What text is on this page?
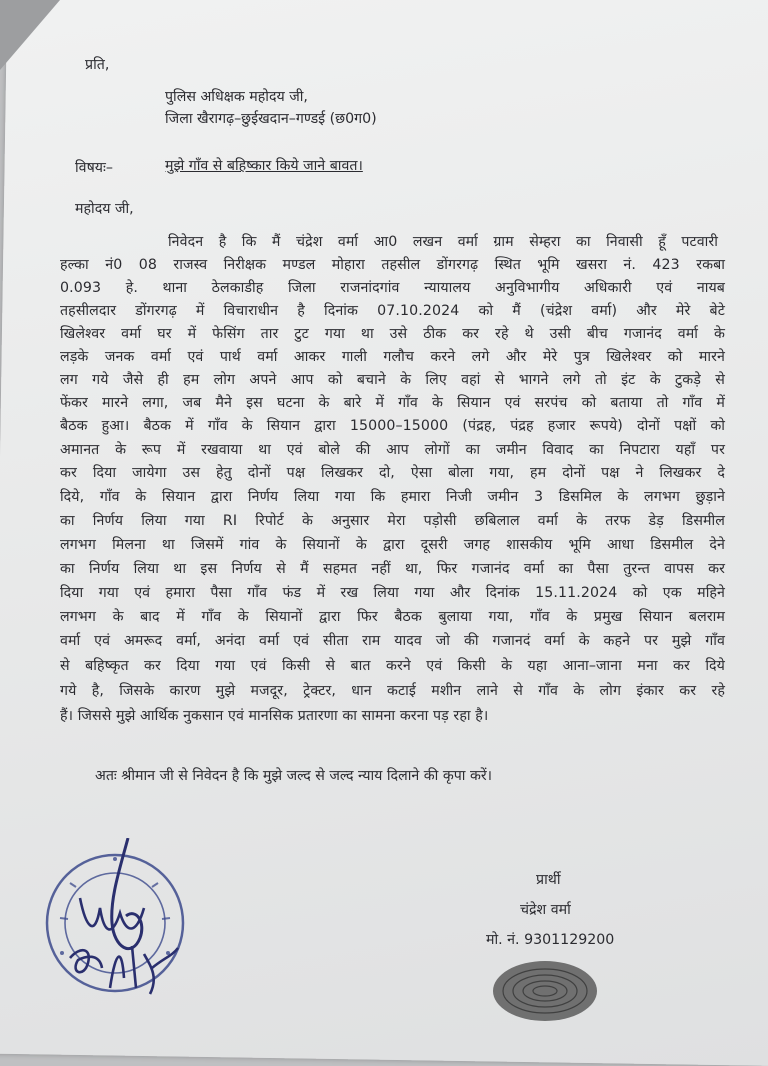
प्रति,
पुलिस अधिक्षक महोदय जी,
जिला खैरागढ़–छुईखदान–गण्डई (छ0ग0)
विषयः–	मुझे गाँव से बहिष्कार किये जाने बावत।
महोदय जी,
निवेदन है कि मैं चंद्रेश वर्मा आ0 लखन वर्मा ग्राम सेम्हरा का निवासी हूँ पटवारी
हल्का नं0 08 राजस्व निरीक्षक मण्डल मोहारा तहसील डोंगरगढ़ स्थित भूमि खसरा नं. 423 रकबा
0.093 हे. थाना ठेलकाडीह जिला राजनांदगांव न्यायालय अनुविभागीय अधिकारी एवं नायब
तहसीलदार डोंगरगढ़ में विचाराधीन है दिनांक 07.10.2024 को मैं (चंद्रेश वर्मा) और मेरे बेटे
खिलेश्वर वर्मा घर में फेसिंग तार टुट गया था उसे ठीक कर रहे थे उसी बीच गजानंद वर्मा के
लड़के जनक वर्मा एवं पार्थ वर्मा आकर गाली गलौच करने लगे और मेरे पुत्र खिलेश्वर को मारने
लग गये जैसे ही हम लोग अपने आप को बचाने के लिए वहां से भागने लगे तो इंट के टुकड़े से
फेंकर मारने लगा, जब मैने इस घटना के बारे में गाँव के सियान एवं सरपंच को बताया तो गाँव में
बैठक हुआ। बैठक में गाँव के सियान द्वारा 15000–15000 (पंद्रह, पंद्रह हजार रूपये) दोनों पक्षों को
अमानत के रूप में रखवाया था एवं बोले की आप लोगों का जमीन विवाद का निपटारा यहाँ पर
कर दिया जायेगा उस हेतु दोनों पक्ष लिखकर दो, ऐसा बोला गया, हम दोनों पक्ष ने लिखकर दे
दिये, गाँव के सियान द्वारा निर्णय लिया गया कि हमारा निजी जमीन 3 डिसमिल के लगभग छुड़ाने
का निर्णय लिया गया RI रिपोर्ट के अनुसार मेरा पड़ोसी छबिलाल वर्मा के तरफ डेड़ डिसमील
लगभग मिलना था जिसमें गांव के सियानों के द्वारा दूसरी जगह शासकीय भूमि आधा डिसमील देने
का निर्णय लिया था इस निर्णय से मैं सहमत नहीं था, फिर गजानंद वर्मा का पैसा तुरन्त वापस कर
दिया गया एवं हमारा पैसा गाँव फंड में रख लिया गया और दिनांक 15.11.2024 को एक महिने
लगभग के बाद में गाँव के सियानों द्वारा फिर बैठक बुलाया गया, गाँव के प्रमुख सियान बलराम
वर्मा एवं अमरूद वर्मा, अनंदा वर्मा एवं सीता राम यादव जो की गजानदं वर्मा के कहने पर मुझे गाँव
से बहिष्कृत कर दिया गया एवं किसी से बात करने एवं किसी के यहा आना–जाना मना कर दिये
गये है, जिसके कारण मुझे मजदूर, ट्रेक्टर, धान कटाई मशीन लाने से गाँव के लोग इंकार कर रहे
हैं। जिससे मुझे आर्थिक नुकसान एवं मानसिक प्रतारणा का सामना करना पड़ रहा है।
अतः श्रीमान जी से निवेदन है कि मुझे जल्द से जल्द न्याय दिलाने की कृपा करें।
प्रार्थी
चंद्रेश वर्मा
मो. नं. 9301129200
